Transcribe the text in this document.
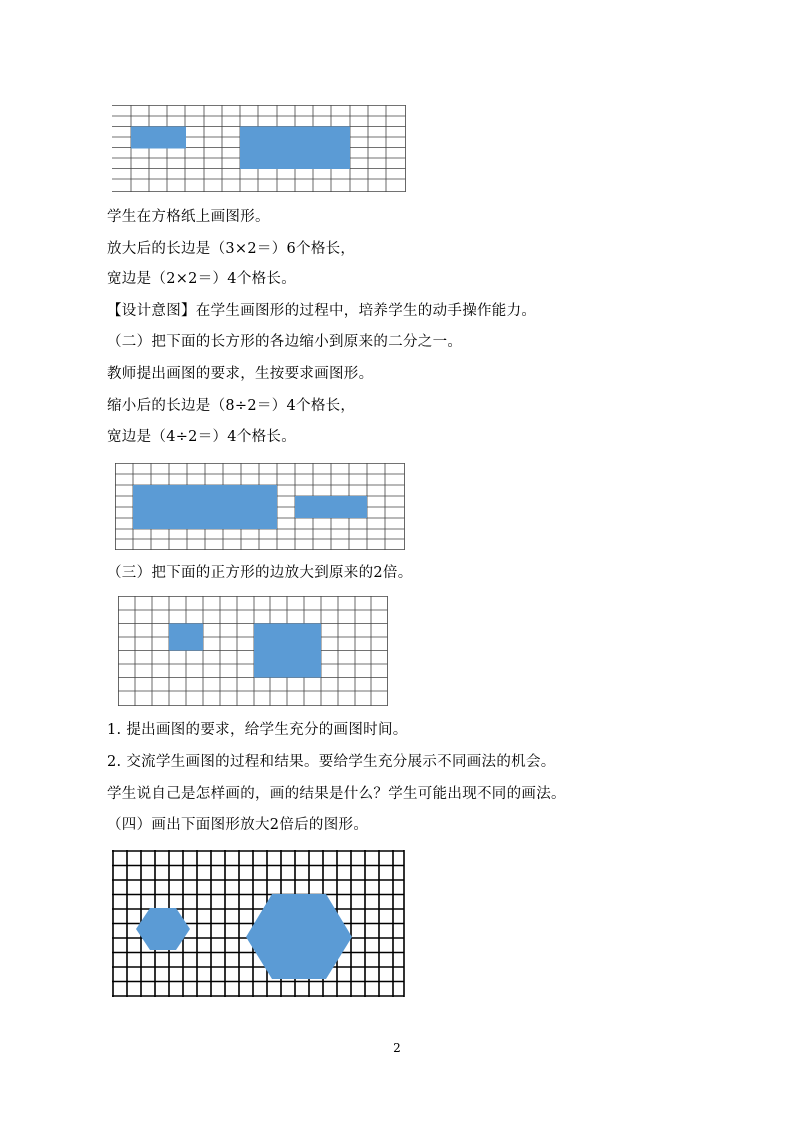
学生在方格纸上画图形。
放大后的长边是（3×2＝）6个格长，
宽边是（2×2＝）4个格长。
【设计意图】在学生画图形的过程中，培养学生的动手操作能力。
（二）把下面的长方形的各边缩小到原来的二分之一。
教师提出画图的要求，生按要求画图形。
缩小后的长边是（8÷2＝）4个格长，
宽边是（4÷2＝）4个格长。
（三）把下面的正方形的边放大到原来的2倍。
1. 提出画图的要求，给学生充分的画图时间。
2. 交流学生画图的过程和结果。要给学生充分展示不同画法的机会。
学生说自己是怎样画的，画的结果是什么？学生可能出现不同的画法。
（四）画出下面图形放大2倍后的图形。
2
